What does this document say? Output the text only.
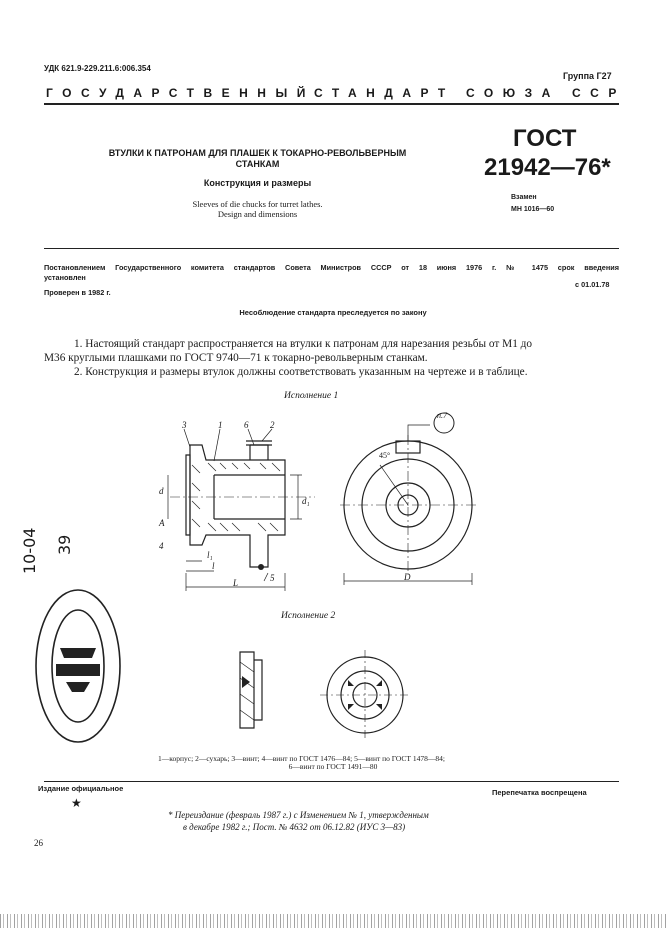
УДК 621.9-229.211.6:006.354
Группа Г27
ГОСУДАРСТВЕННЫЙ СТАНДАРТ СОЮЗА ССР
ВТУЛКИ К ПАТРОНАМ ДЛЯ ПЛАШЕК К ТОКАРНО-РЕВОЛЬВЕРНЫМ
СТАНКАМ
Конструкция и размеры
Sleeves of die chucks for turret lathes.
Design and dimensions
ГОСТ
21942—76*
Взамен
МН 1016—60
Постановлением Государственного комитета стандартов Совета Министров СССР от 18 июня 1976 г. № 1475 срок введения
установлен
с 01.01.78
Проверен в 1982 г.
Несоблюдение стандарта преследуется по закону
1. Настоящий стандарт распространяется на втулки к патронам для нарезания резьбы от М1 до
М36 круглыми плашками по ГОСТ 9740—71 к токарно-револьверным станкам.
2. Конструкция и размеры втулок должны соответствовать указанным на чертеже и в таблице.
Исполнение 1
Исполнение 2
3	1 6 2
d
d₁
A
4
l₁
l
5
L
п.7
45°
D
1—корпус; 2—сухарь; 3—винт; 4—винт по ГОСТ 1476—84; 5—винт по ГОСТ 1478—84;
6—винт по ГОСТ 1491—80
10-04 39
Издание официальное
★
Перепечатка воспрещена
* Переиздание (февраль 1987 г.) с Изменением № 1, утвержденным
в декабре 1982 г.; Пост. № 4632 от 06.12.82 (ИУС 3—83)
26
